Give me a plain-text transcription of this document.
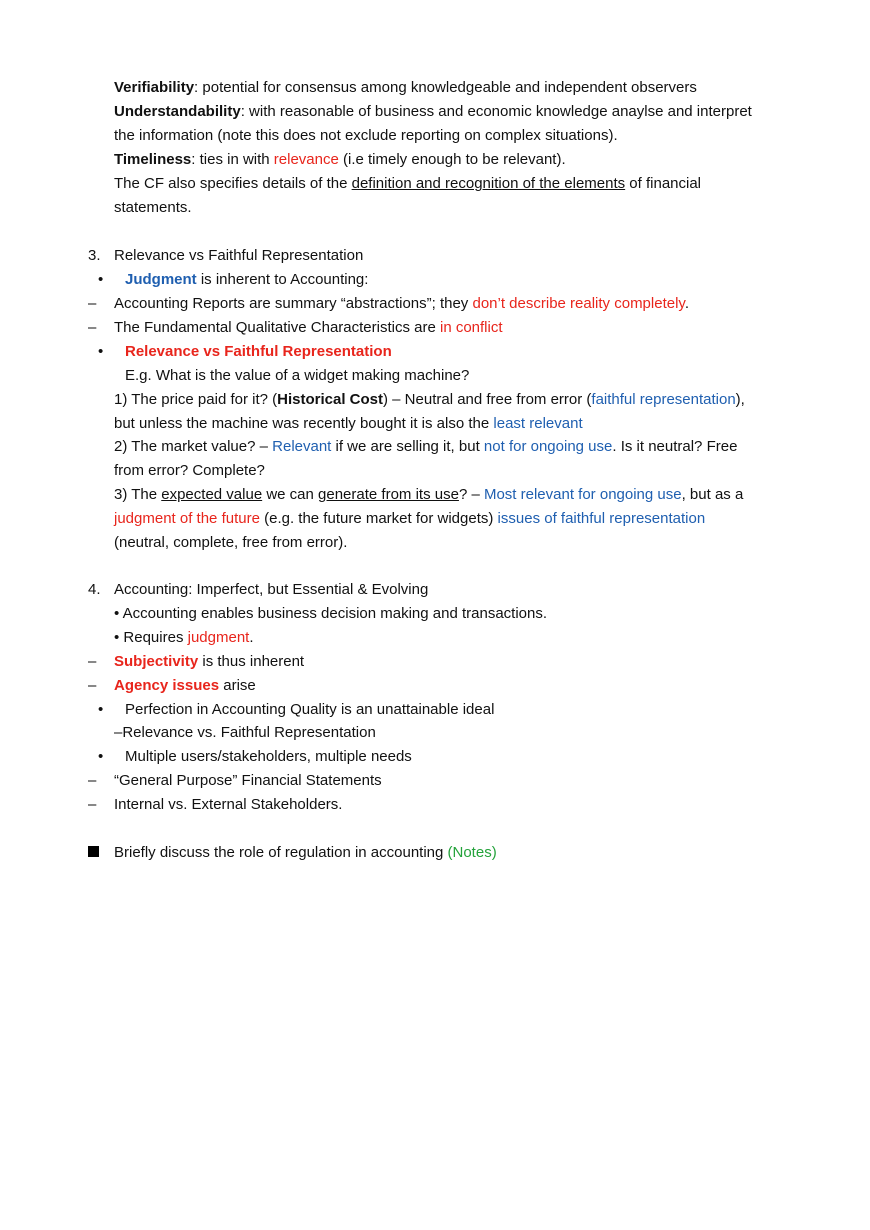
Verifiability: potential for consensus among knowledgeable and independent observers
Understandability: with reasonable of business and economic knowledge anaylse and interpret
the information (note this does not exclude reporting on complex situations).
Timeliness: ties in with relevance (i.e timely enough to be relevant).
The CF also specifies details of the definition and recognition of the elements of financial
statements.
3. Relevance vs Faithful Representation
• Judgment is inherent to Accounting:
– Accounting Reports are summary “abstractions”; they don’t describe reality completely.
– The Fundamental Qualitative Characteristics are in conflict
• Relevance vs Faithful Representation
E.g. What is the value of a widget making machine?
1) The price paid for it? (Historical Cost) – Neutral and free from error (faithful representation),
but unless the machine was recently bought it is also the least relevant
2) The market value? – Relevant if we are selling it, but not for ongoing use. Is it neutral? Free
from error? Complete?
3) The expected value we can generate from its use? – Most relevant for ongoing use, but as a
judgment of the future (e.g. the future market for widgets) issues of faithful representation
(neutral, complete, free from error).
4. Accounting: Imperfect, but Essential & Evolving
• Accounting enables business decision making and transactions.
• Requires judgment.
– Subjectivity is thus inherent
– Agency issues arise
• Perfection in Accounting Quality is an unattainable ideal
–Relevance vs. Faithful Representation
• Multiple users/stakeholders, multiple needs
– “General Purpose” Financial Statements
– Internal vs. External Stakeholders.
Briefly discuss the role of regulation in accounting (Notes)
